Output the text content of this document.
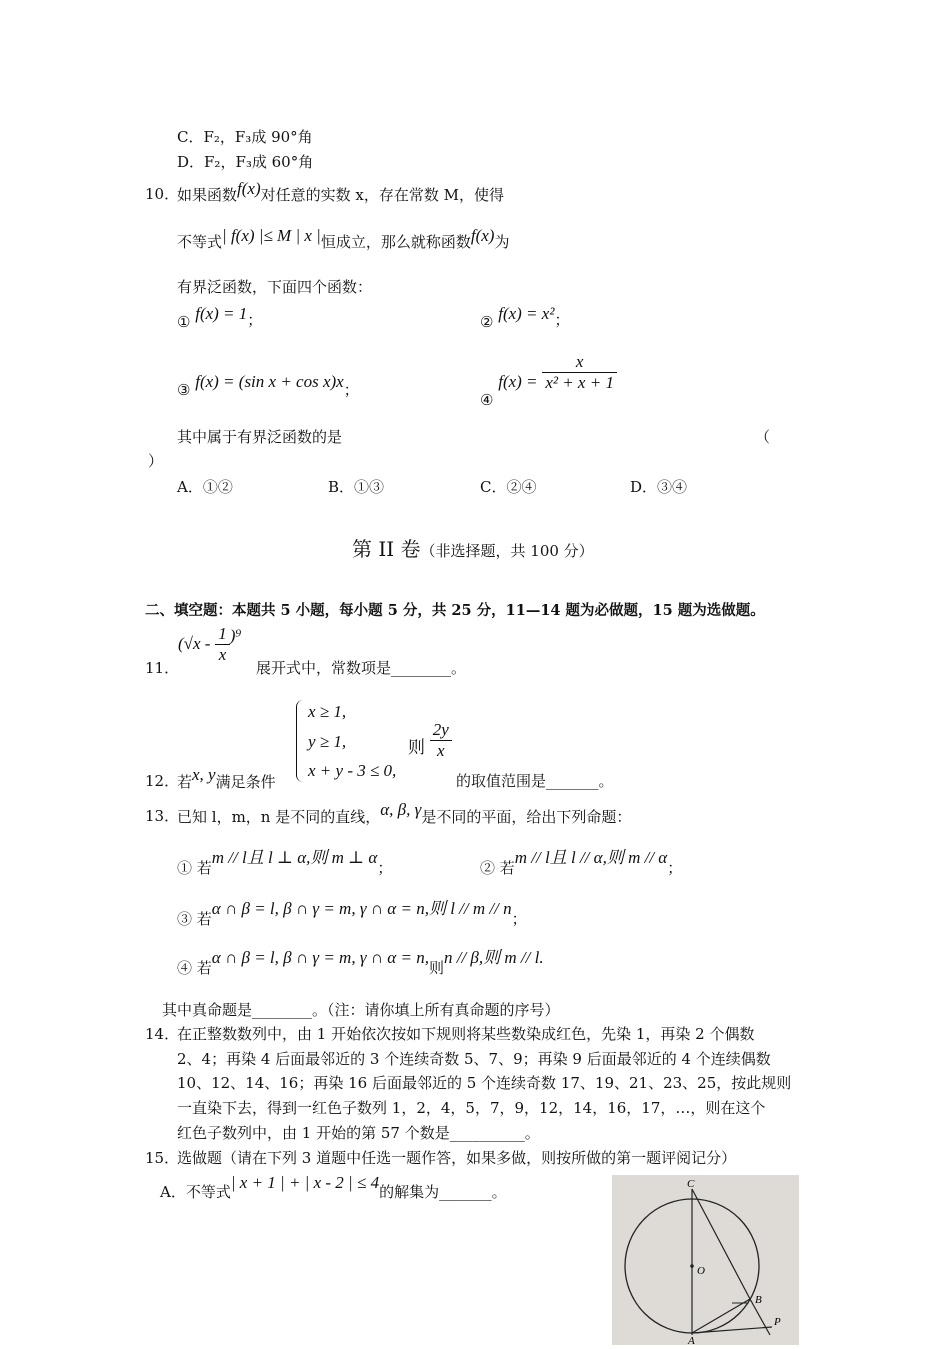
C．F₂，F₃成 90°角
D．F₂，F₃成 60°角
10．
如果函数f(x)对任意的实数 x，存在常数 M，使得
不等式| f(x) |≤ M | x |恒成立，那么就称函数f(x)为
有界泛函数，下面四个函数：
① f(x) = 1；	② f(x) = x²；
③ f(x) = (sin x + cos x)x；
④ $f(x) = \frac{x}{\text{x² + x + 1}}$
其中属于有界泛函数的是	（
）
A．①②	B．①③	C．②④	D．③④
第 II 卷（非选择题，共 100 分）
二、填空题：本题共 5 小题，每小题 5 分，共 25 分，11—14 题为必做题，15 题为选做题。
11．
$(√x - \frac{1}{x} )^9$
展开式中，常数项是________。
12．
若x, y满足条件
x ≥ 1,
y ≥ 1,
x + y - 3 ≤ 0,
则 $\frac{2y}{x}$
的取值范围是_______。
13．
已知 l，m，n 是不同的直线，α, β, γ是不同的平面，给出下列命题：
① 若m // l且 l ⊥ α,则 m ⊥ α；	② 若m // l且 l // α,则 m // α；
③ 若α ∩ β = l, β ∩ γ = m, γ ∩ α = n,则 l // m // n；
④ 若α ∩ β = l, β ∩ γ = m, γ ∩ α = n,则n // β,则 m // l.
其中真命题是________。（注：请你填上所有真命题的序号）
14．
在正整数数列中，由 1 开始依次按如下规则将某些数染成红色，先染 1，再染 2 个偶数
2、4；再染 4 后面最邻近的 3 个连续奇数 5、7、9；再染 9 后面最邻近的 4 个连续偶数
10、12、14、16；再染 16 后面最邻近的 5 个连续奇数 17、19、21、23、25，按此规则
一直染下去，得到一红色子数列 1，2，4，5，7，9，12，14，16，17，…，则在这个
红色子数列中，由 1 开始的第 57 个数是__________。
15．
选做题（请在下列 3 道题中任选一题作答，如果多做，则按所做的第一题评阅记分）
A．不等式| x + 1 | + | x - 2 | ≤ 4的解集为_______。	C
O
B
P
A
